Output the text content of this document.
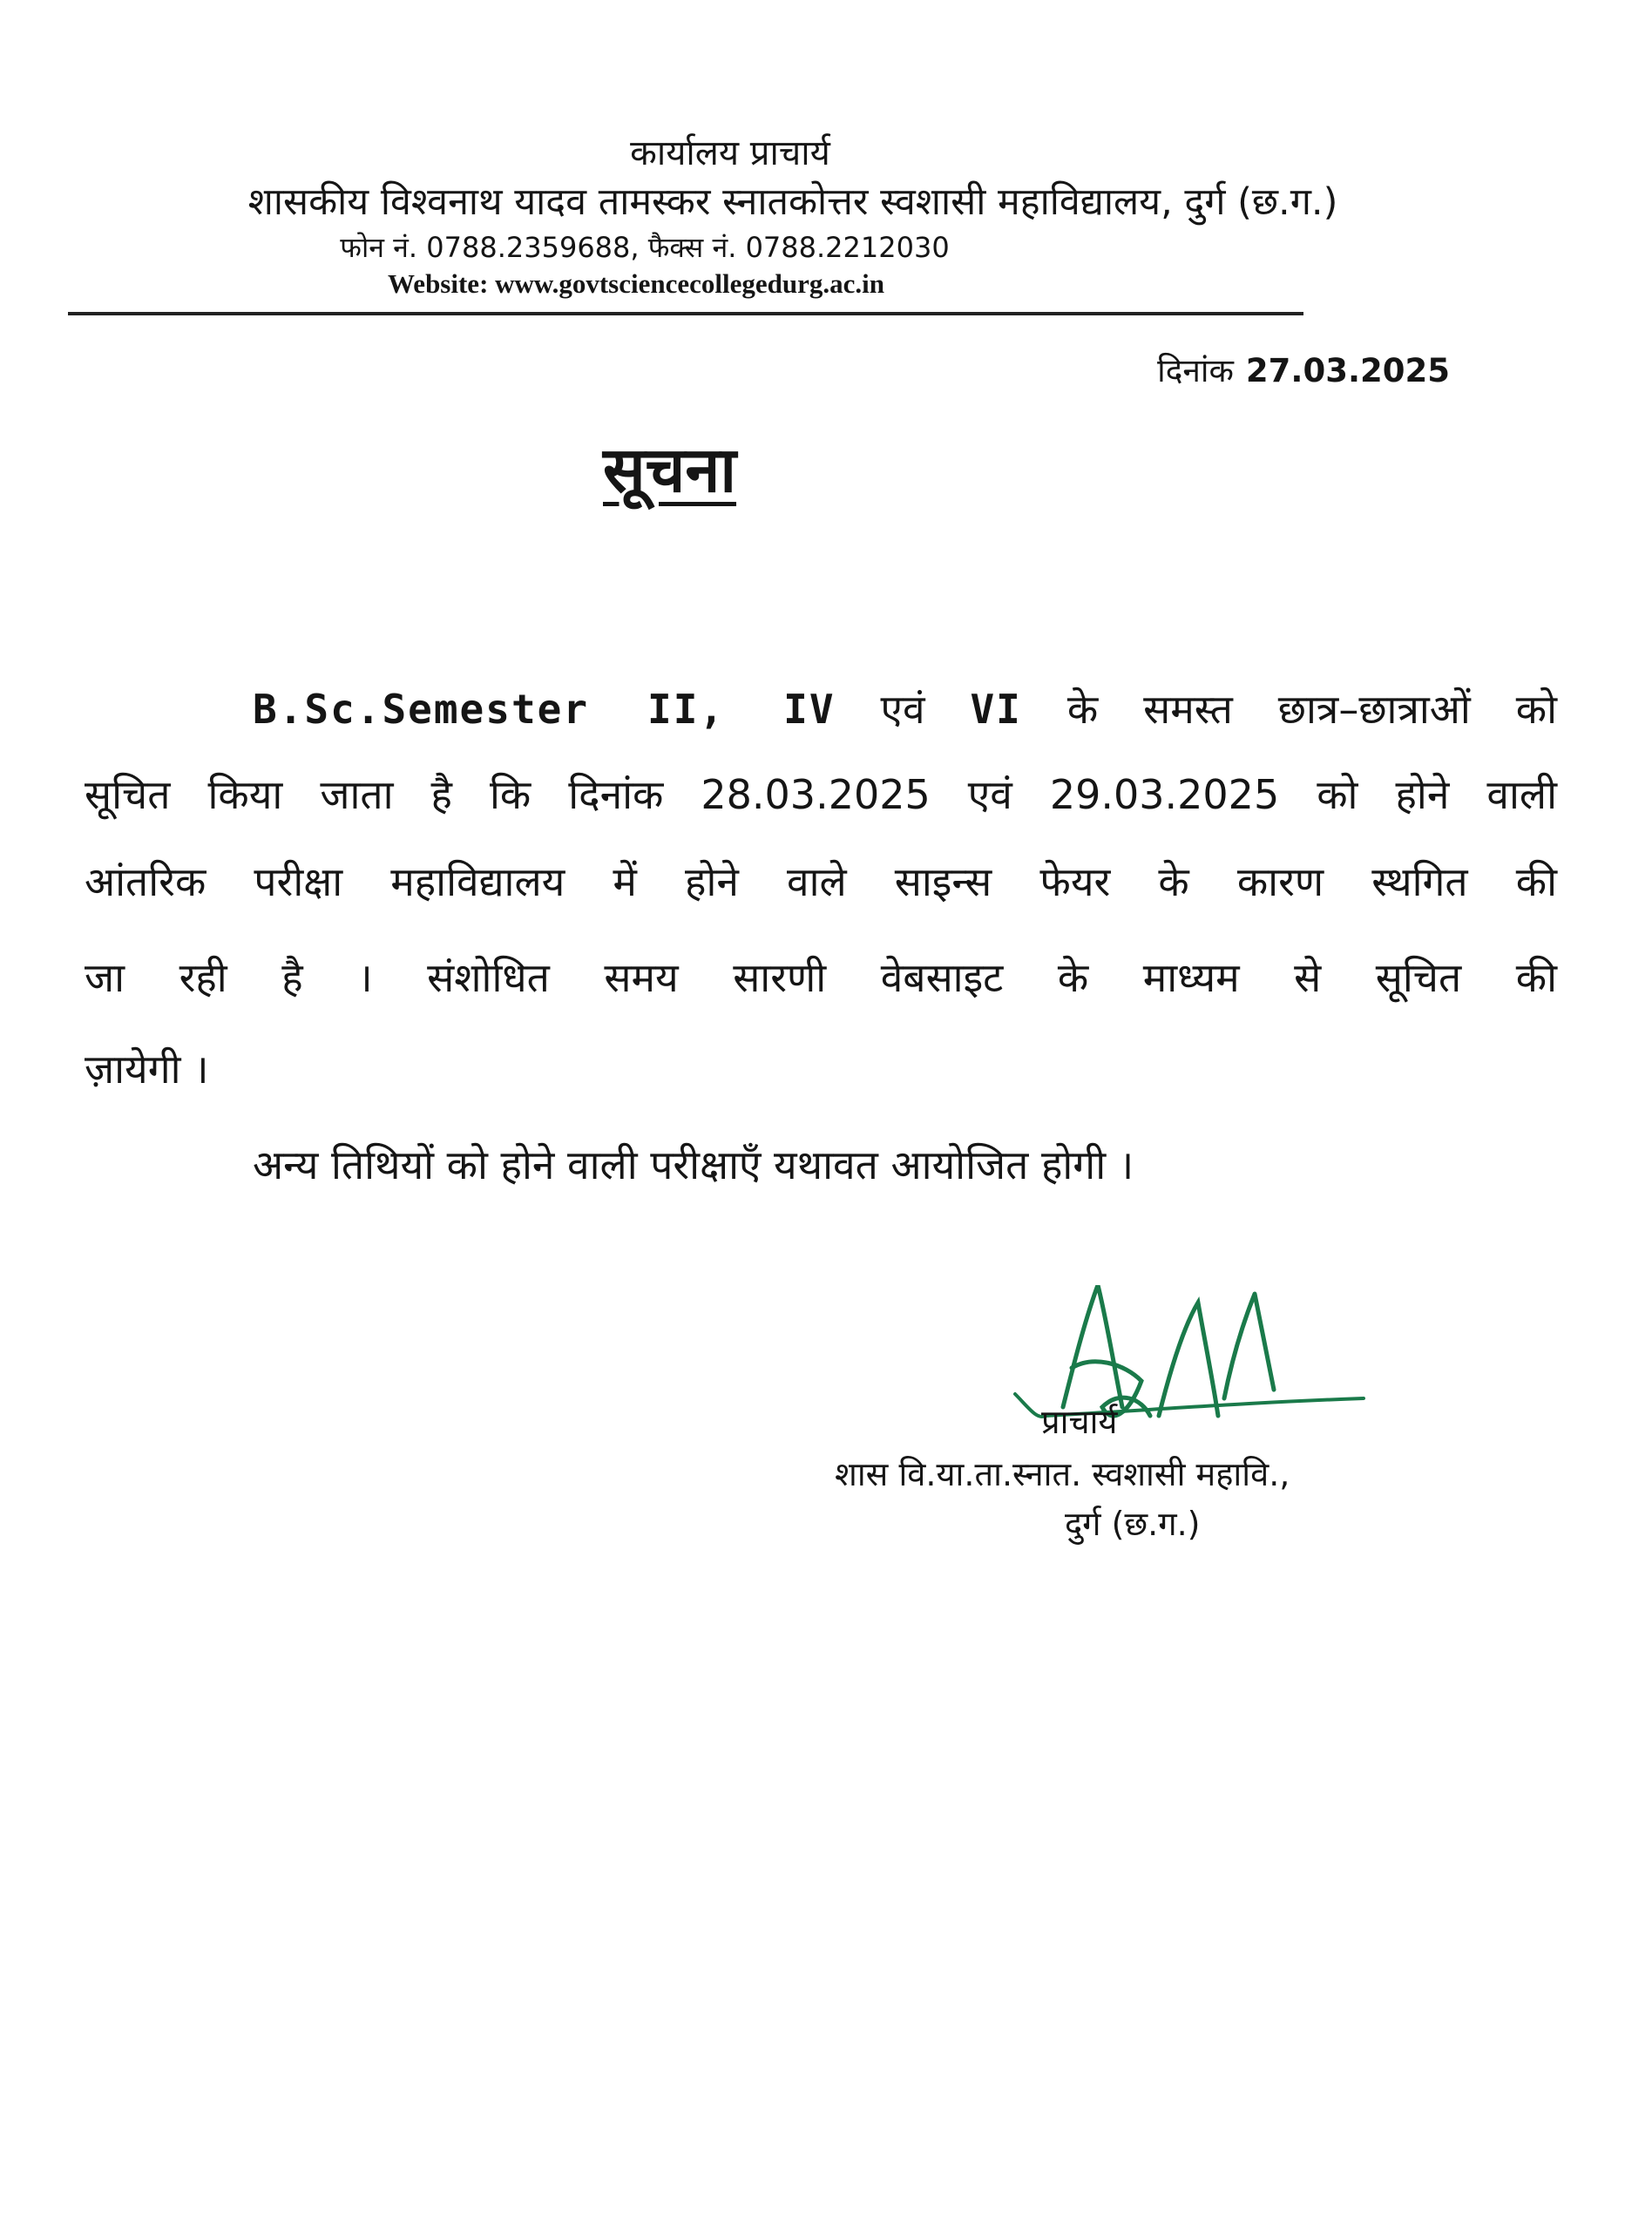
कार्यालय प्राचार्य
शासकीय विश्वनाथ यादव तामस्कर स्नातकोत्तर स्वशासी महाविद्यालय, दुर्ग (छ.ग.)
फोन नं. 0788.2359688, फैक्स नं. 0788.2212030
Website: www.govtsciencecollegedurg.ac.in
दिनांक 27.03.2025
सूचना
B.Sc.Semester II, IV एवं VI के समस्त छात्र–छात्राओं को
सूचित किया जाता है कि दिनांक 28.03.2025 एवं 29.03.2025 को होने वाली
आंतरिक परीक्षा महाविद्यालय में होने वाले साइन्स फेयर के कारण स्थगित की
जा रही है । संशोधित समय सारणी वेबसाइट के माध्यम से सूचित की
ज़ायेगी ।
अन्य तिथियों को होने वाली परीक्षाएँ यथावत आयोजित होगी ।
प्राचार्य
शास वि.या.ता.स्नात. स्वशासी महावि.,
दुर्ग (छ.ग.)
